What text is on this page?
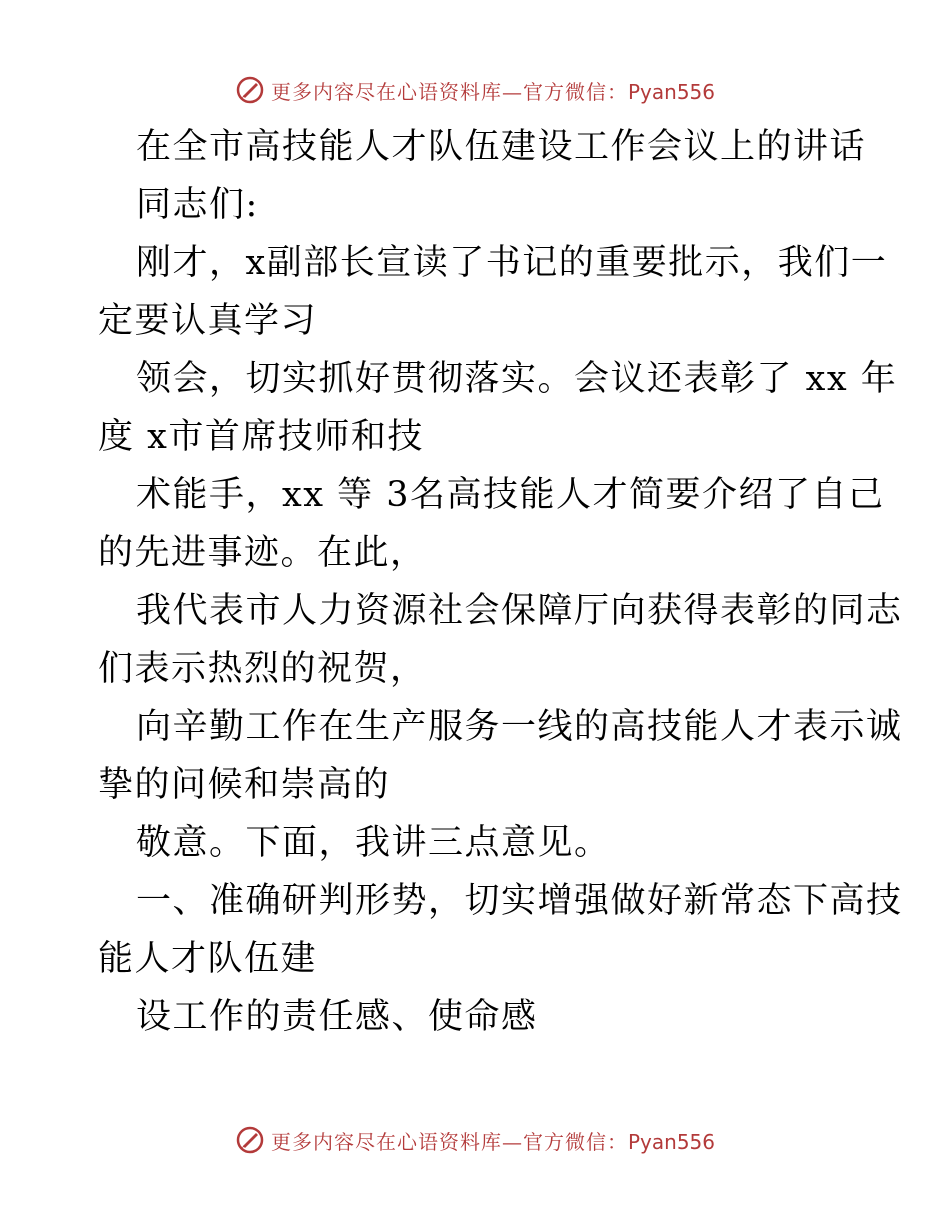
更多内容尽在心语资料库—官方微信：Pyan556
在全市高技能人才队伍建设工作会议上的讲话
同志们:
刚才，x副部长宣读了书记的重要批示，我们一
定要认真学习
领会，切实抓好贯彻落实。会议还表彰了 xx 年
度 x市首席技师和技
术能手，xx 等 3名高技能人才简要介绍了自己
的先进事迹。在此，
我代表市人力资源社会保障厅向获得表彰的同志
们表示热烈的祝贺，
向辛勤工作在生产服务一线的高技能人才表示诚
挚的问候和崇高的
敬意。下面，我讲三点意见。
一、准确研判形势，切实增强做好新常态下高技
能人才队伍建
设工作的责任感、使命感
更多内容尽在心语资料库—官方微信：Pyan556
